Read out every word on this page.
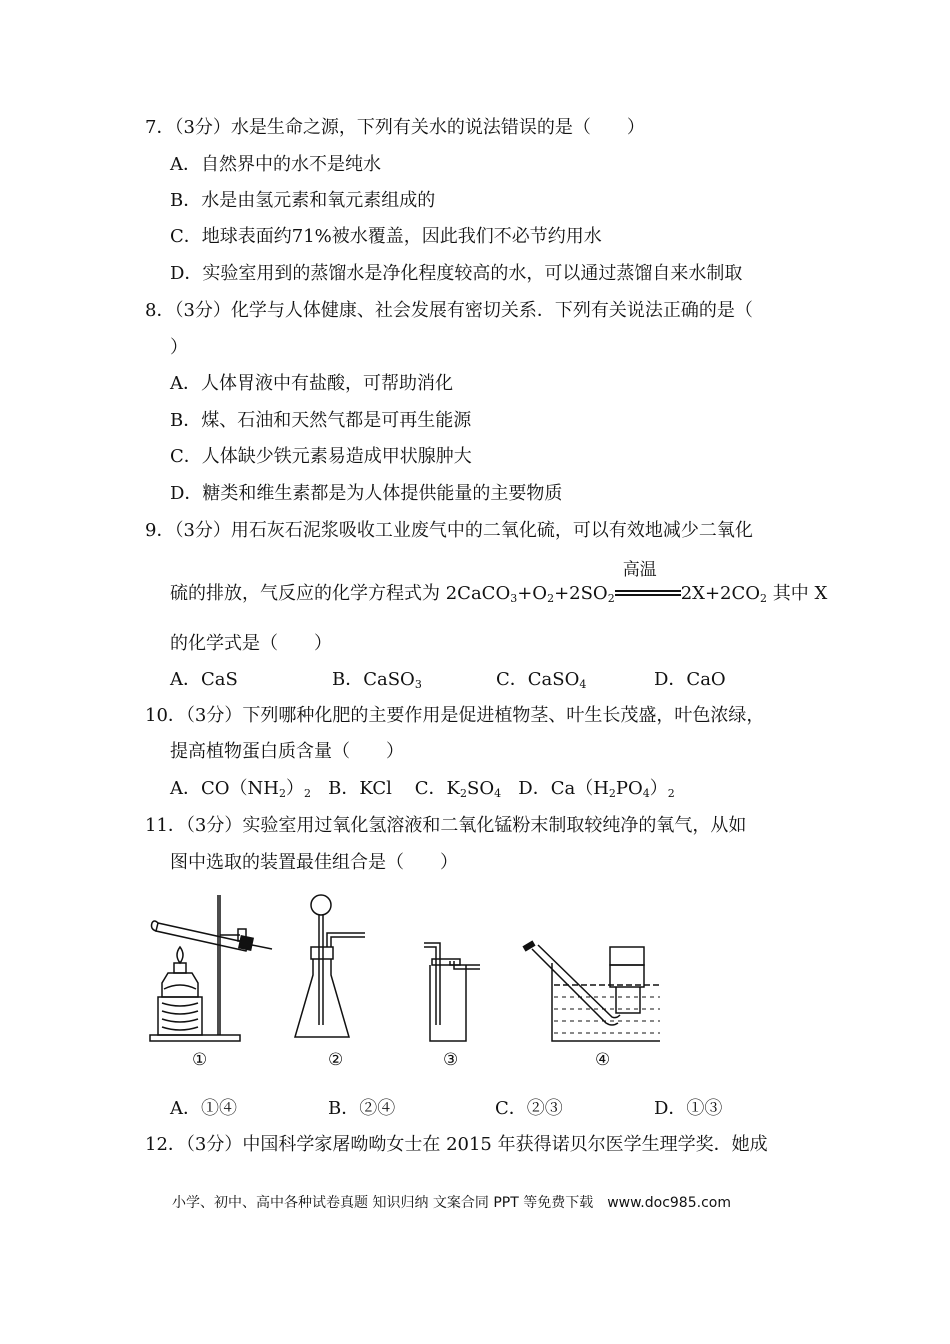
7．（3分）水是生命之源，下列有关水的说法错误的是（　　）
A．自然界中的水不是纯水
B．水是由氢元素和氧元素组成的
C．地球表面约71%被水覆盖，因此我们不必节约用水
D．实验室用到的蒸馏水是净化程度较高的水，可以通过蒸馏自来水制取
8．（3分）化学与人体健康、社会发展有密切关系．下列有关说法正确的是（
）
A．人体胃液中有盐酸，可帮助消化
B．煤、石油和天然气都是可再生能源
C．人体缺少铁元素易造成甲状腺肿大
D．糖类和维生素都是为人体提供能量的主要物质
9．（3分）用石灰石泥浆吸收工业废气中的二氧化硫，可以有效地减少二氧化
硫的排放，气反应的化学方程式为 $2CaCO_3+O_2+2SO_2$
高温
$2X+2CO_2$ 其中 X
的化学式是（　　）
A．CaS	B．CaSO$_3$	C．CaSO$_4$	D．CaO
10．（3分）下列哪种化肥的主要作用是促进植物茎、叶生长茂盛，叶色浓绿，
提高植物蛋白质含量（　　）
A．$CO(NH_2)_2$ B．KCl C．$K_2SO_4$ D．$Ca(H_2PO_4)_2$
11．（3分）实验室用过氧化氢溶液和二氧化锰粉末制取较纯净的氧气，从如
图中选取的装置最佳组合是（　　）
①	②	③	④
A．①④	B．②④	C．②③	D．①③
12．（3分）中国科学家屠呦呦女士在 2015 年获得诺贝尔医学生理学奖．她成
小学、初中、高中各种试卷真题 知识归纳 文案合同 PPT 等免费下载　www.doc985.com
